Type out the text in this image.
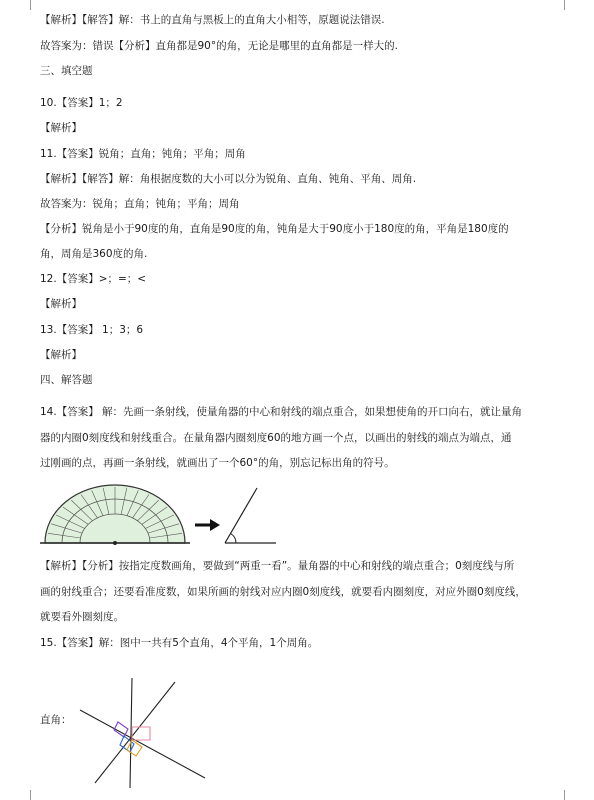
【解析】【解答】解：书上的直角与黑板上的直角大小相等，原题说法错误.
故答案为：错误【分析】直角都是90°的角，无论是哪里的直角都是一样大的.
三、填空题
10.【答案】1；2
【解析】
11.【答案】锐角；直角；钝角；平角；周角
【解析】【解答】解：角根据度数的大小可以分为锐角、直角、钝角、平角、周角.
故答案为：锐角；直角；钝角；平角；周角
【分析】锐角是小于90度的角，直角是90度的角，钝角是大于90度小于180度的角，平角是180度的
角，周角是360度的角.
12.【答案】>；=；<
【解析】
13.【答案】 1；3；6
【解析】
四、解答题
14.【答案】 解：先画一条射线，使量角器的中心和射线的端点重合，如果想使角的开口向右，就让量角
器的内圈0刻度线和射线重合。在量角器内圈刻度60的地方画一个点，以画出的射线的端点为端点，通
过刚画的点，再画一条射线，就画出了一个60°的角，别忘记标出角的符号。
【解析】【分析】按指定度数画角，要做到“两重一看”。量角器的中心和射线的端点重合；0刻度线与所
画的射线重合；还要看准度数，如果所画的射线对应内圈0刻度线，就要看内圈刻度，对应外圈0刻度线，
就要看外圈刻度。
15.【答案】解：图中一共有5个直角，4个平角，1个周角。
直角：
